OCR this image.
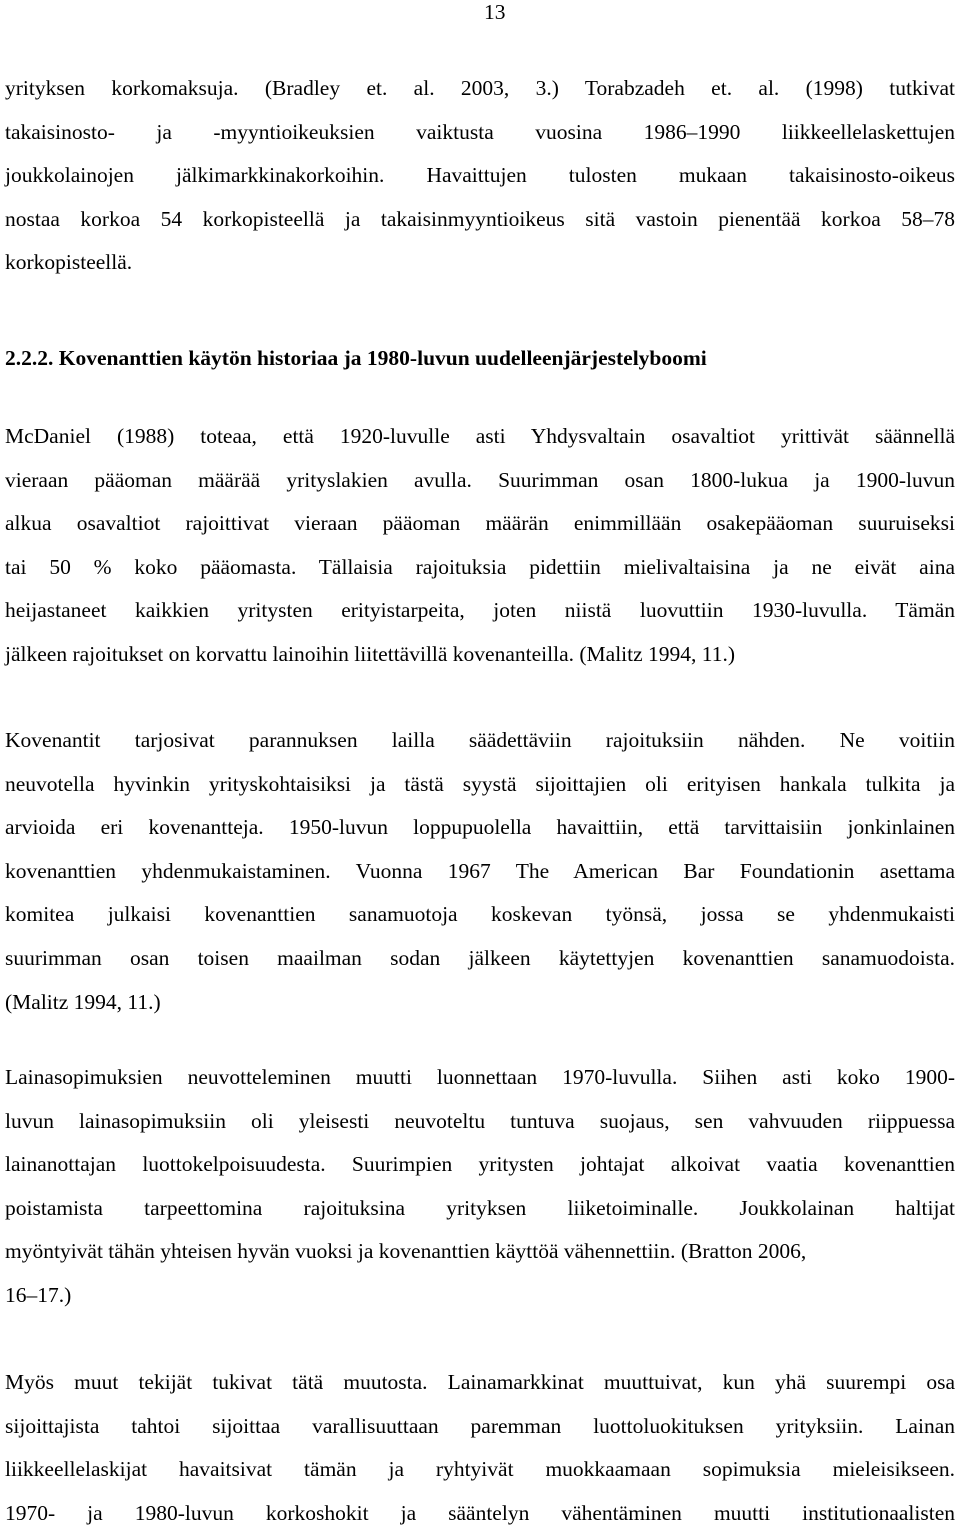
13
yrityksen korkomaksuja. (Bradley et. al. 2003, 3.) Torabzadeh et. al. (1998) tutkivat
takaisinosto- ja -myyntioikeuksien vaiktusta vuosina 1986–1990 liikkeellelaskettujen
joukkolainojen jälkimarkkinakorkoihin. Havaittujen tulosten mukaan takaisinosto-oikeus
nostaa korkoa 54 korkopisteellä ja takaisinmyyntioikeus sitä vastoin pienentää korkoa 58–78
korkopisteellä.
2.2.2. Kovenanttien käytön historiaa ja 1980-luvun uudelleenjärjestelyboomi
McDaniel (1988) toteaa, että 1920-luvulle asti Yhdysvaltain osavaltiot yrittivät säännellä
vieraan pääoman määrää yrityslakien avulla. Suurimman osan 1800-lukua ja 1900-luvun
alkua osavaltiot rajoittivat vieraan pääoman määrän enimmillään osakepääoman suuruiseksi
tai 50 % koko pääomasta. Tällaisia rajoituksia pidettiin mielivaltaisina ja ne eivät aina
heijastaneet kaikkien yritysten erityistarpeita, joten niistä luovuttiin 1930-luvulla. Tämän
jälkeen rajoitukset on korvattu lainoihin liitettävillä kovenanteilla. (Malitz 1994, 11.)
Kovenantit tarjosivat parannuksen lailla säädettäviin rajoituksiin nähden. Ne voitiin
neuvotella hyvinkin yrityskohtaisiksi ja tästä syystä sijoittajien oli erityisen hankala tulkita ja
arvioida eri kovenantteja. 1950-luvun loppupuolella havaittiin, että tarvittaisiin jonkinlainen
kovenanttien yhdenmukaistaminen. Vuonna 1967 The American Bar Foundationin asettama
komitea julkaisi kovenanttien sanamuotoja koskevan työnsä, jossa se yhdenmukaisti
suurimman osan toisen maailman sodan jälkeen käytettyjen kovenanttien sanamuodoista.
(Malitz 1994, 11.)
Lainasopimuksien neuvotteleminen muutti luonnettaan 1970-luvulla. Siihen asti koko 1900-
luvun lainasopimuksiin oli yleisesti neuvoteltu tuntuva suojaus, sen vahvuuden riippuessa
lainanottajan luottokelpoisuudesta. Suurimpien yritysten johtajat alkoivat vaatia kovenanttien
poistamista tarpeettomina rajoituksina yrityksen liiketoiminalle. Joukkolainan haltijat
myöntyivät tähän yhteisen hyvän vuoksi ja kovenanttien käyttöä vähennettiin. (Bratton 2006,
16–17.)
Myös muut tekijät tukivat tätä muutosta. Lainamarkkinat muuttuivat, kun yhä suurempi osa
sijoittajista tahtoi sijoittaa varallisuuttaan paremman luottoluokituksen yrityksiin. Lainan
liikkeellelaskijat havaitsivat tämän ja ryhtyivät muokkaamaan sopimuksia mieleisikseen.
1970- ja 1980-luvun korkoshokit ja sääntelyn vähentäminen muutti institutionaalisten
